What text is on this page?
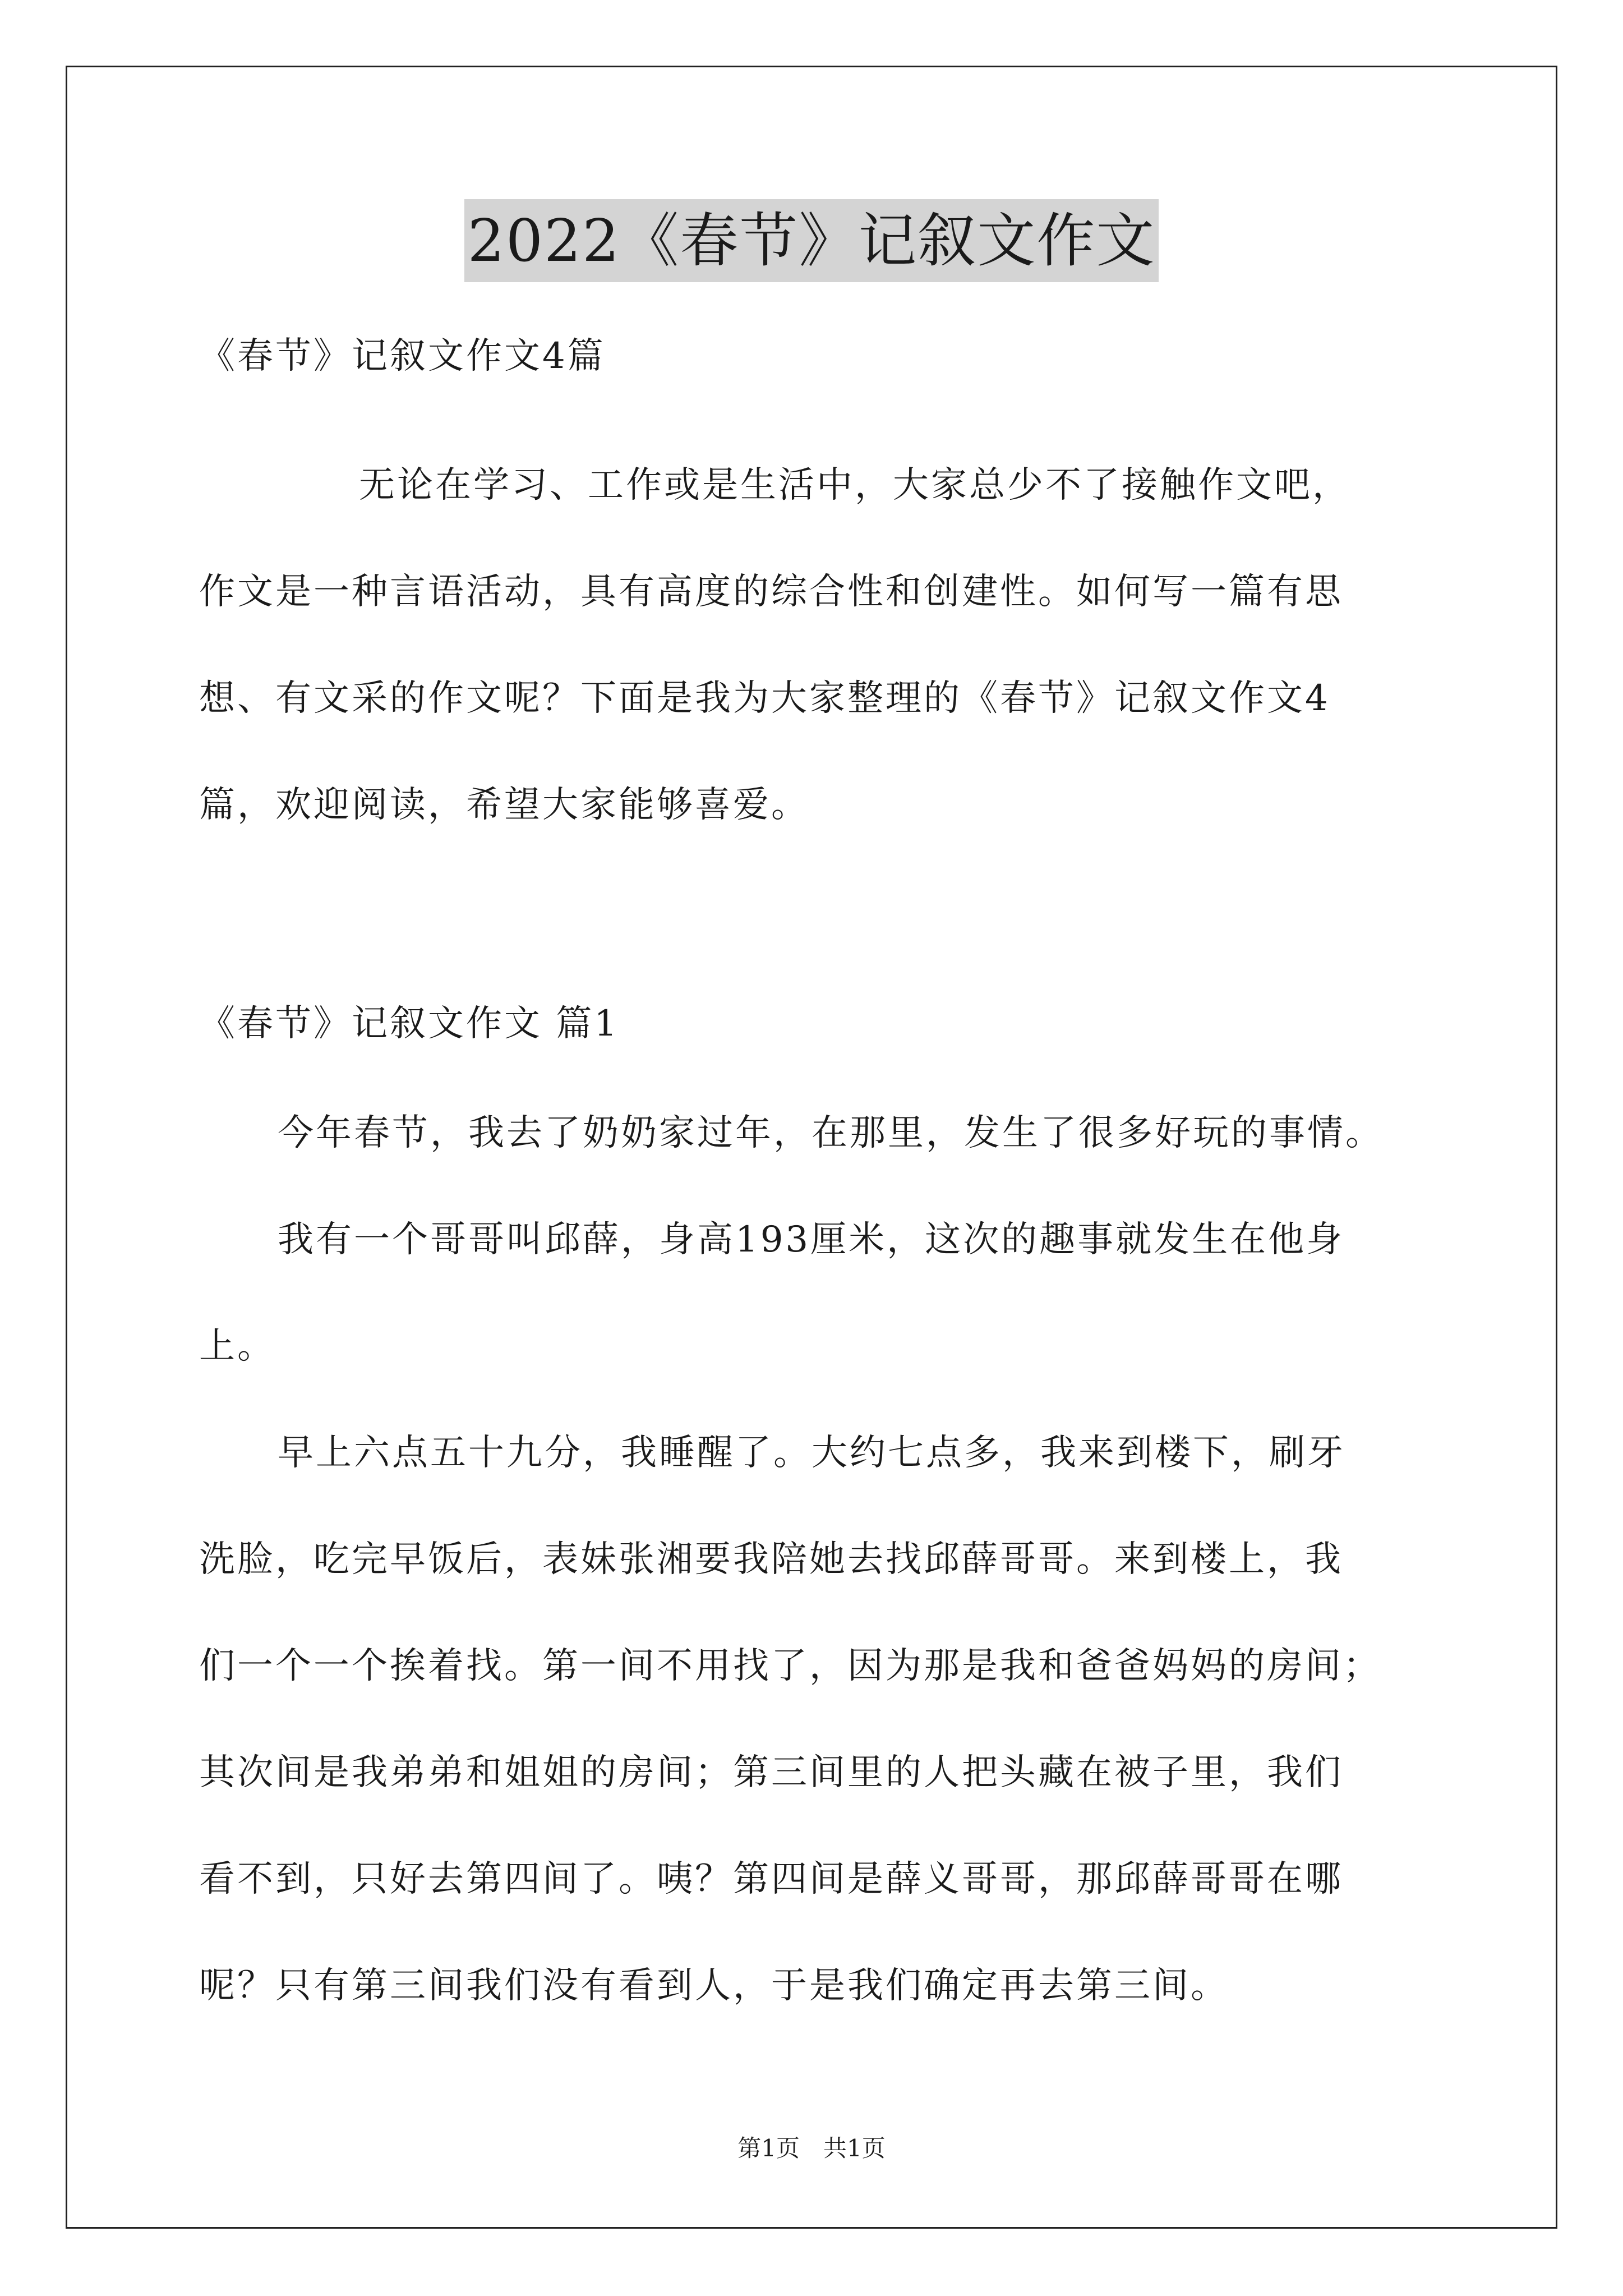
2022《春节》记叙文作文
《春节》记叙文作文4篇
无论在学习、工作或是生活中，大家总少不了接触作文吧，
作文是一种言语活动，具有高度的综合性和创建性。如何写一篇有思
想、有文采的作文呢？下面是我为大家整理的《春节》记叙文作文4
篇，欢迎阅读，希望大家能够喜爱。
《春节》记叙文作文 篇1
今年春节，我去了奶奶家过年，在那里，发生了很多好玩的事情。
我有一个哥哥叫邱薛，身高193厘米，这次的趣事就发生在他身
上。
早上六点五十九分，我睡醒了。大约七点多，我来到楼下，刷牙
洗脸，吃完早饭后，表妹张湘要我陪她去找邱薛哥哥。来到楼上，我
们一个一个挨着找。第一间不用找了，因为那是我和爸爸妈妈的房间；
其次间是我弟弟和姐姐的房间；第三间里的人把头藏在被子里，我们
看不到，只好去第四间了。咦？第四间是薛义哥哥，那邱薛哥哥在哪
呢？只有第三间我们没有看到人，于是我们确定再去第三间。
第1页　共1页
